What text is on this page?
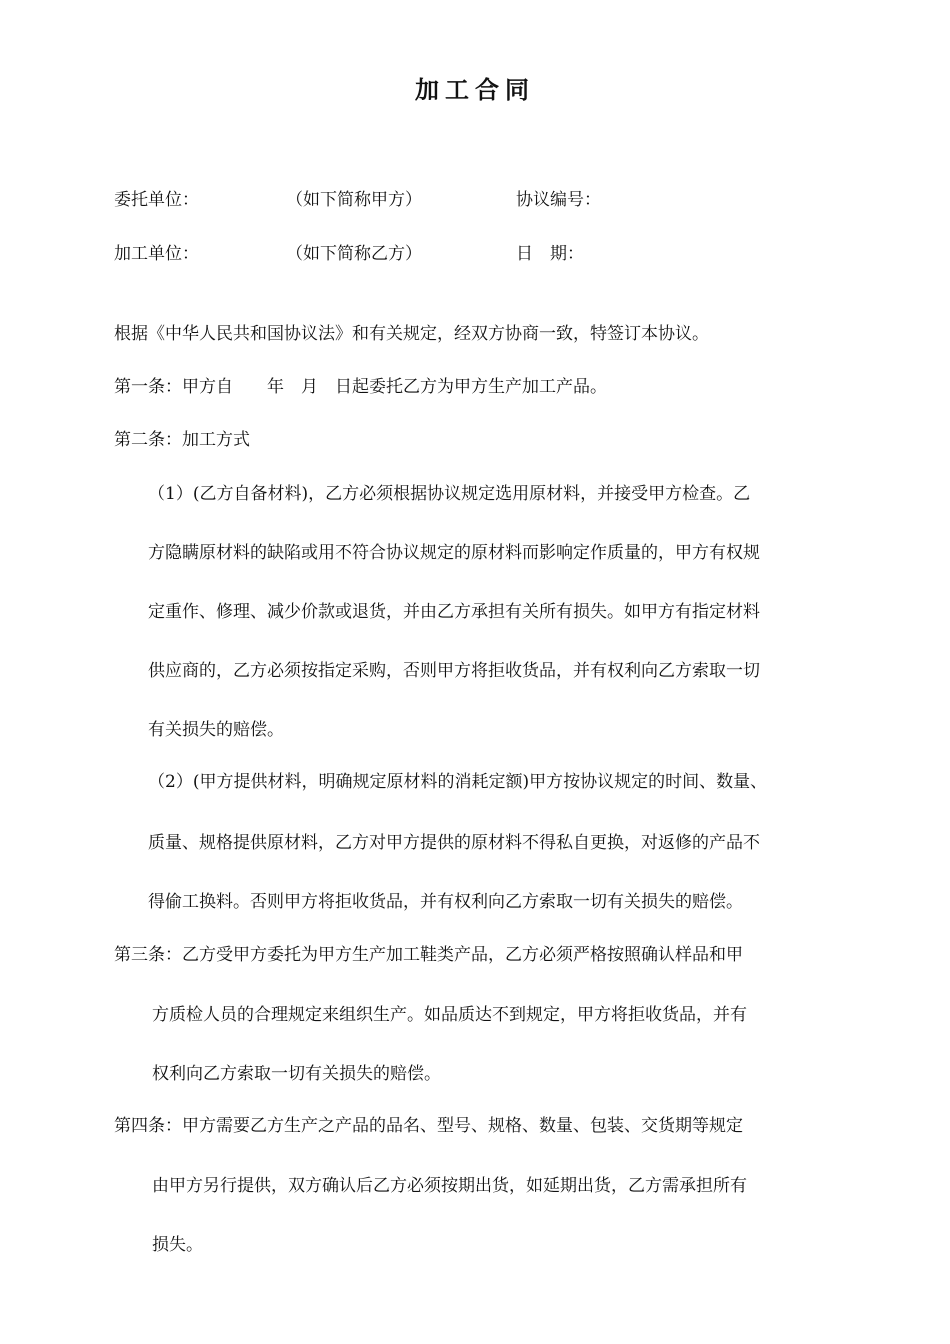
加工合同
委托单位：	（如下简称甲方）	协议编号：
加工单位：	（如下简称乙方）	日　期：
根据《中华人民共和国协议法》和有关规定，经双方协商一致，特签订本协议。
第一条：甲方自　　年　月　日起委托乙方为甲方生产加工产品。
第二条：加工方式
（1）(乙方自备材料)，乙方必须根据协议规定选用原材料，并接受甲方检查。乙
方隐瞒原材料的缺陷或用不符合协议规定的原材料而影响定作质量的，甲方有权规
定重作、修理、减少价款或退货，并由乙方承担有关所有损失。如甲方有指定材料
供应商的，乙方必须按指定采购，否则甲方将拒收货品，并有权利向乙方索取一切
有关损失的赔偿。
（2）(甲方提供材料，明确规定原材料的消耗定额)甲方按协议规定的时间、数量、
质量、规格提供原材料，乙方对甲方提供的原材料不得私自更换，对返修的产品不
得偷工换料。否则甲方将拒收货品，并有权利向乙方索取一切有关损失的赔偿。
第三条：乙方受甲方委托为甲方生产加工鞋类产品，乙方必须严格按照确认样品和甲
方质检人员的合理规定来组织生产。如品质达不到规定，甲方将拒收货品，并有
权利向乙方索取一切有关损失的赔偿。
第四条：甲方需要乙方生产之产品的品名、型号、规格、数量、包装、交货期等规定
由甲方另行提供，双方确认后乙方必须按期出货，如延期出货，乙方需承担所有
损失。
